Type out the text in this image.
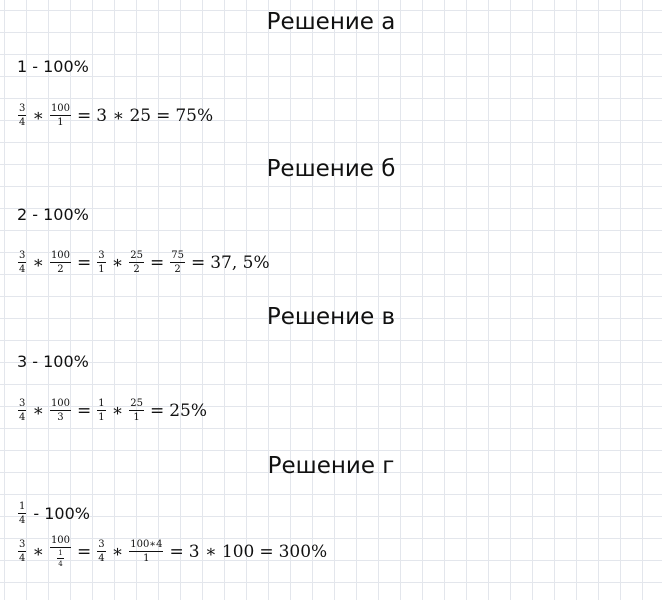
Решение а
1 - 100%
$\frac{3}{4}$ ∗ $\frac{100}{1} = 3$ ∗ 25 = 75%
Решение б
2 - 100%
$\frac{3}{4}$ ∗ $\frac{100}{2} = \frac{3}{1}$ ∗ $\frac{25}{2} = \frac{75}{2} = 37$, 5%
Решение в
3 - 100%
$\frac{3}{4}$ ∗ $\frac{100}{3} = \frac{1}{1}$ ∗ $\frac{25}{1} = 25\%$
Решение г
$\frac{1}{4} - 100\%$
$\frac{3}{4}$ ∗ $\frac{100}{\frac{1}{4}} = \frac{3}{4}$ ∗ $\frac{100∗4}{1} = 3$ ∗ 100 = 300%
